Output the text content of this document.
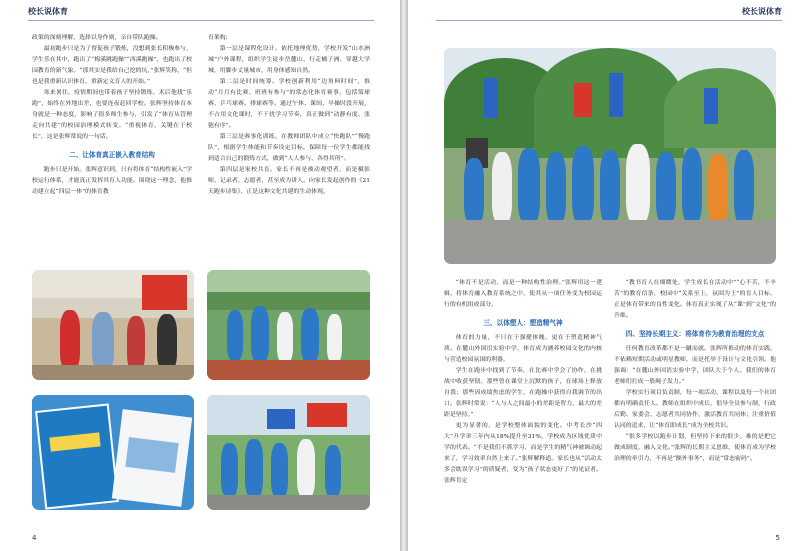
校长说体育

政策的深刻理解，选择以身作则，亲自带队跑操。

最初跑步只是为了督促孩子锻炼，没想到张长积极参与，学生乐在其中，跑出了“梅溪跳跑操”“西溪跑操”，也跑出了校园教育的新气象。“那其实是我给自己挖的坑，”张辉笑称，“但也是我重新认识体育、重新定义育人的开始。”

寒来暑往，疫情期间也带着孩子坚持锻炼。术后他找“乐跑”，始终在外地出差，也要连夜赶回学校。张辉坚持体育本身就是一种态度，影响了很多师生参与，引发了“体育从管理走向共建”的校园治理模式转变。“重视体育，关键在于校长”，这是张辉常说的一句话。

二、让体育真正嵌入教育结构

跑步只是开始。张辉意识到，只有将体育“结构性嵌入”学校运行体系，才能真正发挥其育人功能。围绕这一理念，他推动建立起“四层一体”的体育教

育架构:

第一层是课程化设计。依托地理优势，学校开发“山水洲城”户外课程，组织学生徒步岳麓山、行走橘子洲、穿越大学城，用脚步丈量城市，用身体感知自然。

第二层是时间统筹。学校创新利用“边角料时间”，推动“月月有比赛、班班有参与”的常态化体育赛事，包括篮球赛、乒乓球赛、排球赛等。通过午休、课间、早操时段开展，不占用文化课时，不干扰学习节奏，真正做到“动静有度、张弛有序”。

第三层是赛事化训练。在教师团队中成立“快跑队”“慢跑队”，根据学生体能和节奏设定目标，保障每一位学生都能找到适合自己的锻炼方式，做到“人人参与、各得其所”。

第四层是家校共育。家长不再是被动观望者，而是摄影师、记录者、志愿者，甚至成为讲人。向家长发起创作的《21天跑步诗集》，正是这种文化共建的生动体现。

4
校长说体育

“体育不是活动，而是一种结构性治理。”张辉用这一逻辑，将体育融入教育系统之中，使其从一项任务变为校园运行的有机组成部分。

三、以体塑人：塑造精气神

体育的力量，不只在于强健体魄，更在于塑造精神气质。在麓山外国语实验中学，体育成为涵养校园文化的内核与营造校园氛围的利器。

学生在跑步中找到了节奏，在比赛中学会了协作，在挑战中收获坚韧。那些曾在课堂上沉默的孩子，在球场上释放自我；那些因成绩焦虑的学生，在跑操中获得自我调节的出口。张辉时常说：“人与人之间最小的差距是智力，最大的差距是坚持。”

更为显著的，是学校整体面貌的变化。中考长沙“四大”升学率三年内从18%提升至31%，学校成为区域优质中学的代表。“不是我们不抓学习，而是学生的精气神被调动起来了，学习效率自然上来了。”张辉解释道。家长也从“活动太多会耽误学习”的质疑者，变为“孩子状态更好了”的见证者。张辉肯定

“教书育人在细微处，学生成长在活动中”“心不苦，不辛苦”的教育信条，校园中“关系至上，氛围为王”的育人目标，正是体育带来的良性变化。体育真正实现了从“课”到“文化”的升维。

四、坚持长期主义：将体育作为教育治理的支点

任何教育改革都不是一蹴而就。张辉所推动的体育实践，不依赖短期活动或明星教师，而是托举于设计与文化引领。他强调：“在麓山外国语实验中学，团队大于个人。我们的体育老师们打成一股绳子发力。”

学校实行项目负责制，每一项活动、课程以及每一个社团都有明确责任人。教师在组织中成长，倡导全员参与制，行政后勤、家委会、志愿者共同协作，激活教育共同体；注重价值认同的追求，让“体育即成长”成为全校共识。

“很多学校以跑步计划，但坚持下来的很少。难的是把它做成制度，融入文化。”张辉的长期主义思维，使体育成为学校治理的牵引力，不再是“额外事务”，而是“常态密码”。

5
